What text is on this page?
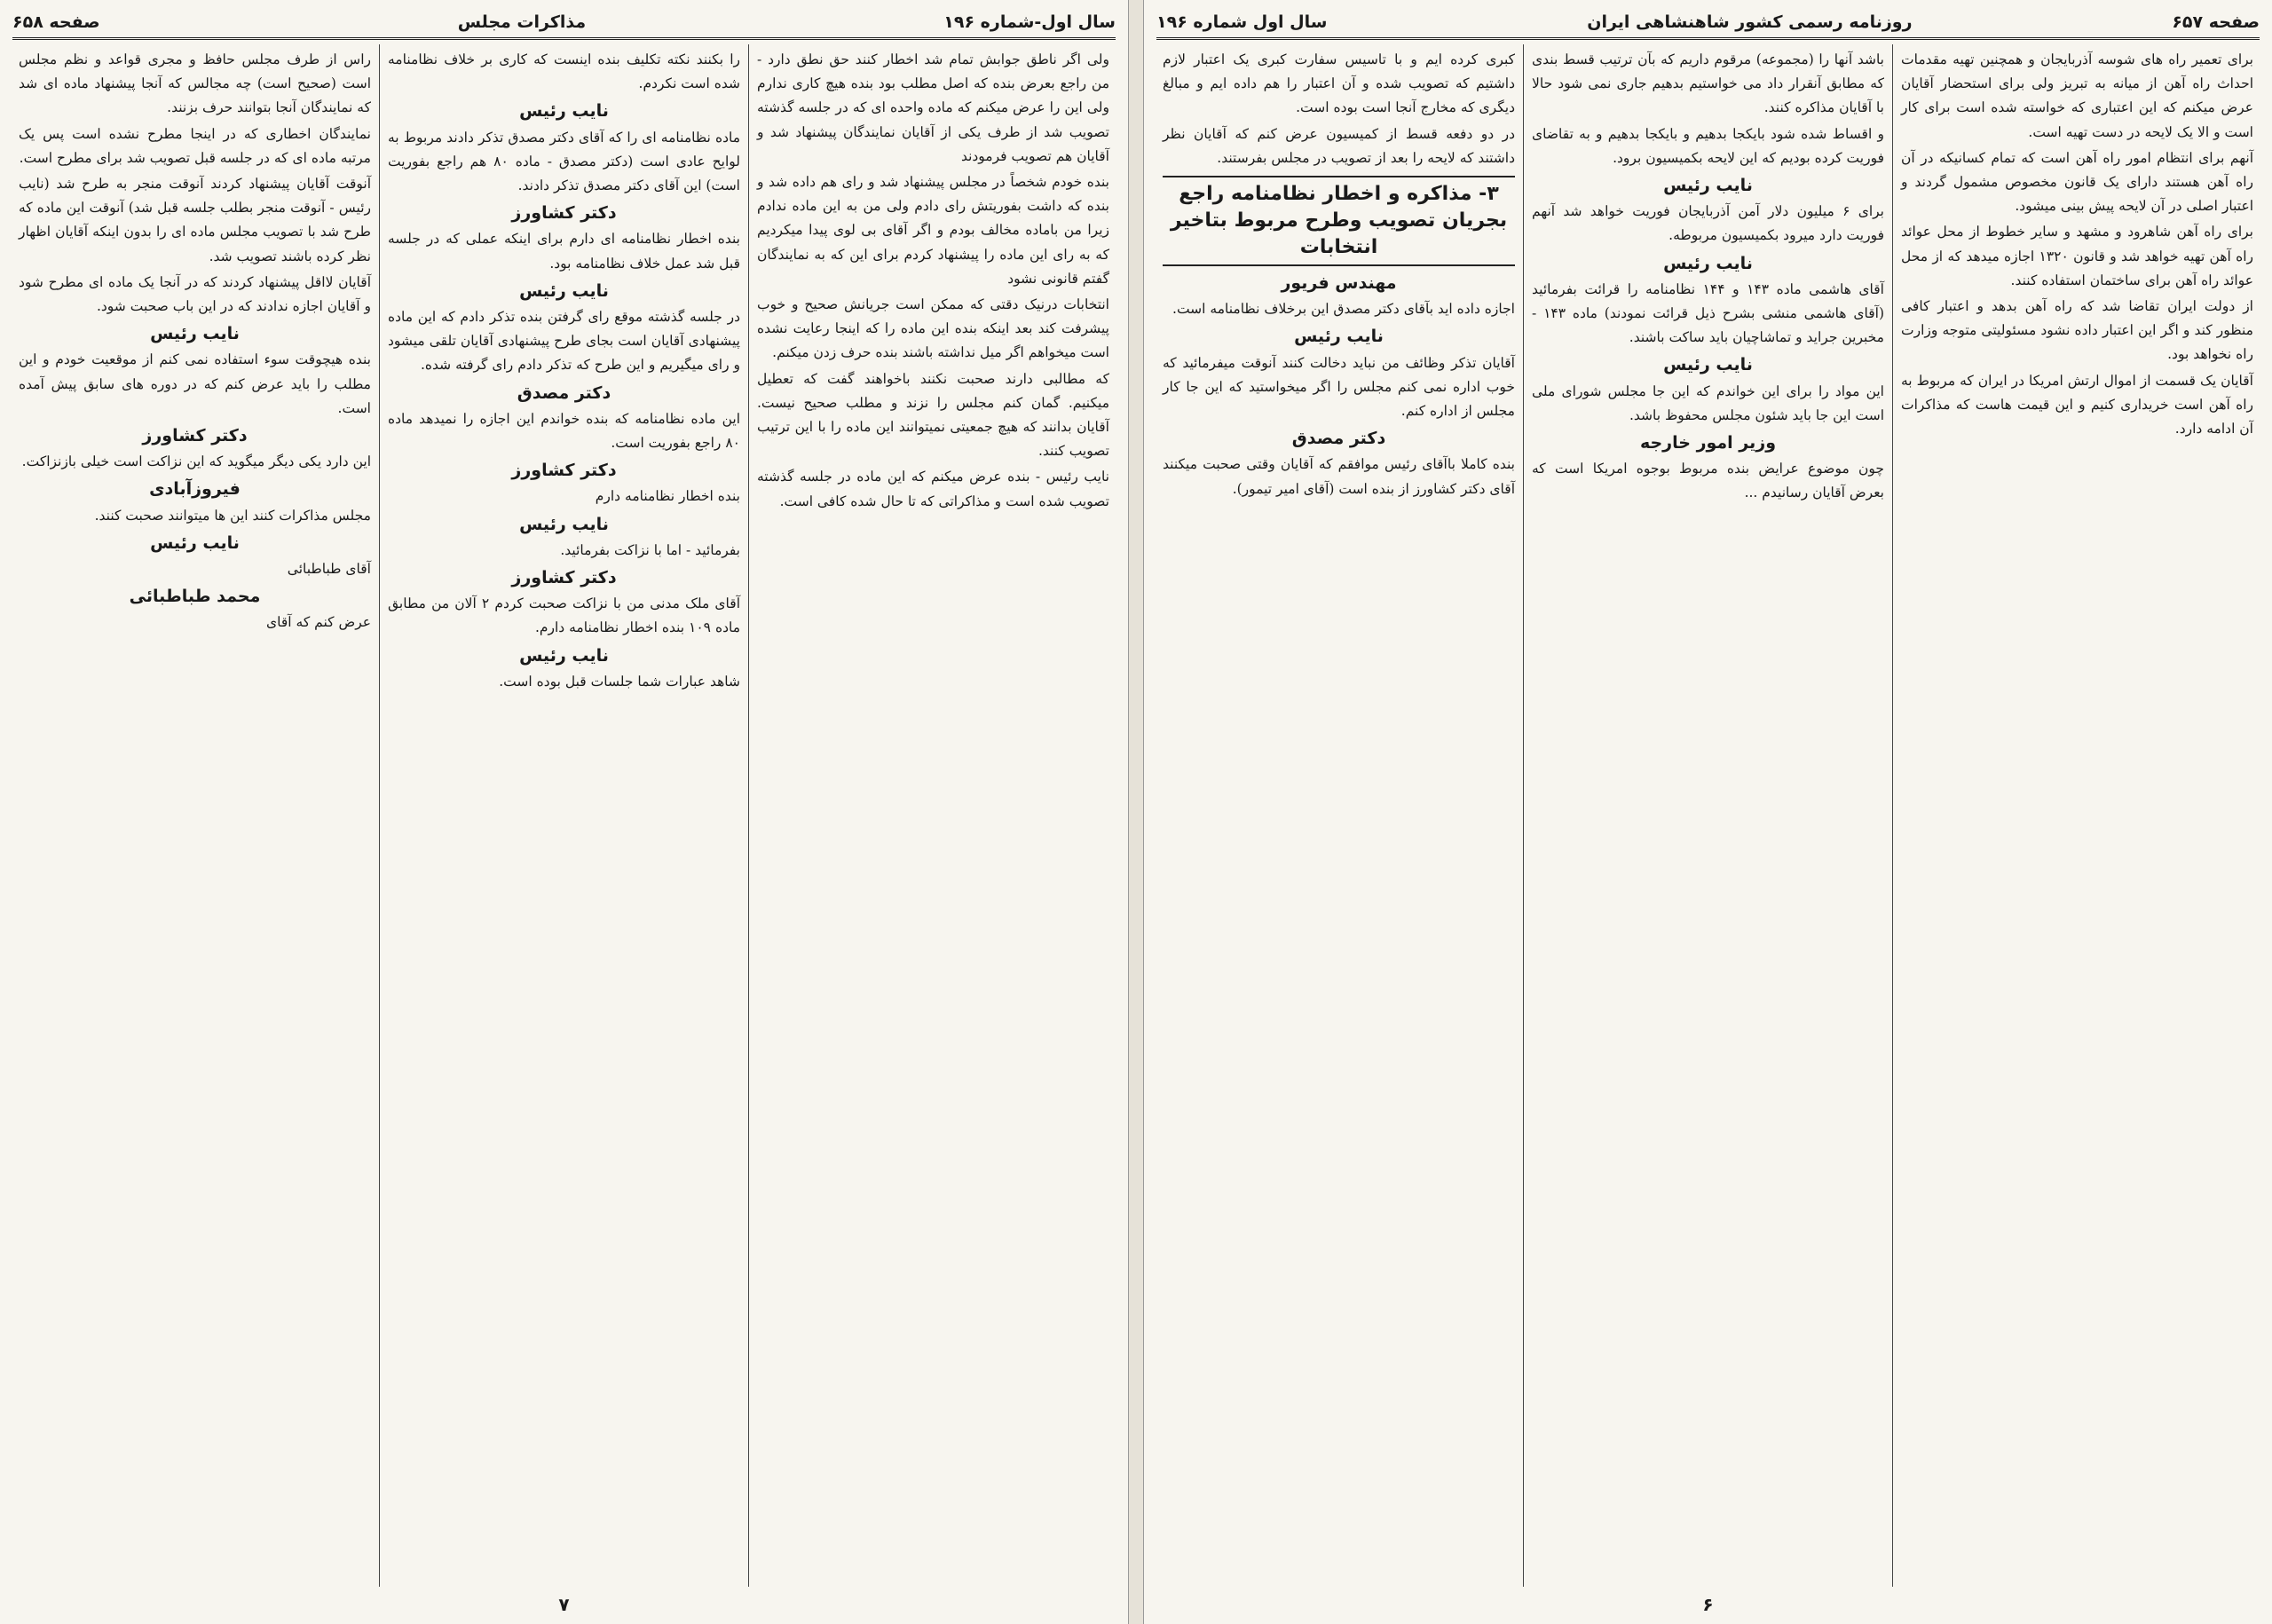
صفحه ۶۵۷
روزنامه رسمی کشور شاهنشاهی ایران
سال اول شماره ۱۹۶

برای تعمیر راه های شوسه آذربایجان و همچنین تهیه مقدمات احداث راه آهن از میانه به تبریز ولی برای استحضار آقایان عرض میکنم که این اعتباری که خواسته شده است برای کار است و الا یک لایحه در دست تهیه است.

آنهم برای انتظام امور راه آهن است که تمام کسانیکه در آن راه آهن هستند دارای یک قانون مخصوص مشمول گردند و اعتبار اصلی در آن لایحه پیش بینی میشود.

برای راه آهن شاهرود و مشهد و سایر خطوط از محل عوائد راه آهن تهیه خواهد شد و قانون ۱۳۲۰ اجازه میدهد که از محل عوائد راه آهن برای ساختمان استفاده کنند.

از دولت ایران تقاضا شد که راه آهن بدهد و اعتبار کافی منظور کند و اگر این اعتبار داده نشود مسئولیتی متوجه وزارت راه نخواهد بود.

آقایان یک قسمت از اموال ارتش امریکا در ایران که مربوط به راه آهن است خریداری کنیم و این قیمت هاست که مذاکرات آن ادامه دارد.

باشد آنها را (مجموعه) مرقوم داریم که بآن ترتیب قسط بندی که مطابق آنقرار داد می خواستیم بدهیم جاری نمی شود حالا با آقایان مذاکره کنند.

و اقساط شده شود بایکجا بدهیم و بایکجا بدهیم و به تقاضای فوریت کرده بودیم که این لایحه بکمیسیون برود.

نایب رئیس

برای ۶ میلیون دلار آمن آذربایجان فوریت خواهد شد آنهم فوریت دارد میرود بکمیسیون مربوطه.

نایب رئیس

آقای هاشمی ماده ۱۴۳ و ۱۴۴ نظامنامه را قرائت بفرمائید (آقای هاشمی منشی بشرح ذیل قرائت نمودند) ماده ۱۴۳ - مخبرین جراید و تماشاچیان باید ساکت باشند.

نایب رئیس

این مواد را برای این خواندم که این جا مجلس شورای ملی است این جا باید شئون مجلس محفوظ باشد.

وزیر امور خارجه

چون موضوع عرایض بنده مربوط بوجوه امریکا است که بعرض آقایان رسانیدم ...

کبری کرده ایم و با تاسیس سفارت کبری یک اعتبار لازم داشتیم که تصویب شده و آن اعتبار را هم داده ایم و مبالغ دیگری که مخارج آنجا است بوده است.

در دو دفعه قسط از کمیسیون عرض کنم که آقایان نظر داشتند که لایحه را بعد از تصویب در مجلس بفرستند.

۳- مذاکره و اخطار نظامنامه راجع بجریان تصویب وطرح مربوط بتاخیر انتخابات
مهندس فریور

اجازه داده اید بآقای دکتر مصدق این برخلاف نظامنامه است.

نایب رئیس

آقایان تذکر وظائف من نباید دخالت کنند آنوقت میفرمائید که خوب اداره نمی کنم مجلس را اگر میخواستید که این جا کار مجلس از اداره کنم.

دکتر مصدق

بنده کاملا باآقای رئیس موافقم که آقایان وقتی صحبت میکنند آقای دکتر کشاورز از بنده است (آقای امیر تیمور).

۶
سال اول-شماره ۱۹۶
مذاکرات مجلس
صفحه ۶۵۸

ولی اگر ناطق جوابش تمام شد اخطار کنند حق نطق دارد - من راجع بعرض بنده که اصل مطلب بود بنده هیچ کاری ندارم ولی این را عرض میکنم که ماده واحده ای که در جلسه گذشته تصویب شد از طرف یکی از آقایان نمایندگان پیشنهاد شد و آقایان هم تصویب فرمودند

بنده خودم شخصاً در مجلس پیشنهاد شد و رای هم داده شد و بنده که داشت بفوریتش رای دادم ولی من به این ماده ندادم زیرا من باماده مخالف بودم و اگر آقای بی لوی پیدا میکردیم که به رای این ماده را پیشنهاد کردم برای این که به نمایندگان گفتم قانونی نشود

انتخابات درنیک دقتی که ممکن است جریانش صحیح و خوب پیشرفت کند بعد اینکه بنده این ماده را که اینجا رعایت نشده است میخواهم اگر میل نداشته باشند بنده حرف زدن میکنم.

که مطالبی دارند صحبت نکنند باخواهند گفت که تعطیل میکنیم. گمان کنم مجلس را نزند و مطلب صحیح نیست. آقایان بدانند که هیچ جمعیتی نمیتوانند این ماده را با این ترتیب تصویب کنند.

نایب رئیس - بنده عرض میکنم که این ماده در جلسه گذشته تصویب شده است و مذاکراتی که تا حال شده کافی است.

را بکنند نکته تکلیف بنده اینست که کاری بر خلاف نظامنامه شده است نکردم.

نایب رئیس

ماده نظامنامه ای را که آقای دکتر مصدق تذکر دادند مربوط به لوایح عادی است (دکتر مصدق - ماده ۸۰ هم راجع بفوریت است) این آقای دکتر مصدق تذکر دادند.

دکتر کشاورز

بنده اخطار نظامنامه ای دارم برای اینکه عملی که در جلسه قبل شد عمل خلاف نظامنامه بود.

نایب رئیس

در جلسه گذشته موقع رای گرفتن بنده تذکر دادم که این ماده پیشنهادی آقایان است بجای طرح پیشنهادی آقایان تلقی میشود و رای میگیریم و این طرح که تذکر دادم رای گرفته شده.

دکتر مصدق

این ماده نظامنامه که بنده خواندم این اجازه را نمیدهد ماده ۸۰ راجع بفوریت است.

دکتر کشاورز

بنده اخطار نظامنامه دارم

نایب رئیس

بفرمائید - اما با نزاکت بفرمائید.

دکتر کشاورز

آقای ملک مدنی من با نزاکت صحبت کردم ۲ آلان من مطابق ماده ۱۰۹ بنده اخطار نظامنامه دارم.

نایب رئیس

شاهد عبارات شما جلسات قبل بوده است.

راس از طرف مجلس حافظ و مجری قواعد و نظم مجلس است (صحیح است) چه مجالس که آنجا پیشنهاد ماده ای شد که نمایندگان آنجا بتوانند حرف بزنند.

نمایندگان اخطاری که در اینجا مطرح نشده است پس یک مرتبه ماده ای که در جلسه قبل تصویب شد برای مطرح است.

آنوقت آقایان پیشنهاد کردند آنوقت منجر به طرح شد (نایب رئیس - آنوقت منجر بطلب جلسه قبل شد) آنوقت این ماده که طرح شد با تصویب مجلس ماده ای را بدون اینکه آقایان اظهار نظر کرده باشند تصویب شد.

آقایان لااقل پیشنهاد کردند که در آنجا یک ماده ای مطرح شود و آقایان اجازه ندادند که در این باب صحبت شود.

نایب رئیس

بنده هیچوقت سوء استفاده نمی کنم از موقعیت خودم و این مطلب را باید عرض کنم که در دوره های سابق پیش آمده است.

دکتر کشاورز

این دارد یکی دیگر میگوید که این نزاکت است خیلی بازنزاکت.

فیروزآبادی

مجلس مذاکرات کنند این ها میتوانند صحبت کنند.

نایب رئیس

آقای طباطبائی

محمد طباطبائی

عرض کنم که آقای

۷
